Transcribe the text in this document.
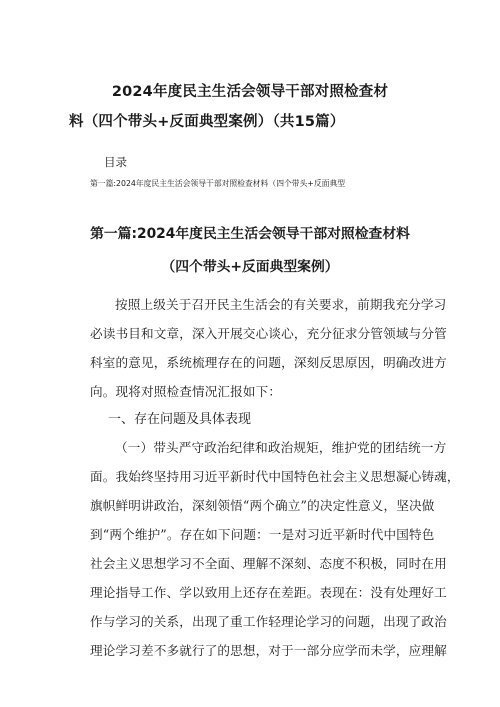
2024年度民主生活会领导干部对照检查材
料（四个带头+反面典型案例）（共15篇）
目录
第一篇:2024年度民主生活会领导干部对照检查材料（四个带头+反面典型
第一篇:2024年度民主生活会领导干部对照检查材料
（四个带头+反面典型案例）
按照上级关于召开民主生活会的有关要求，前期我充分学习
必读书目和文章，深入开展交心谈心，充分征求分管领域与分管
科室的意见，系统梳理存在的问题，深刻反思原因，明确改进方
向。现将对照检查情况汇报如下：
一、存在问题及具体表现
（一）带头严守政治纪律和政治规矩，维护党的团结统一方
面。我始终坚持用习近平新时代中国特色社会主义思想凝心铸魂，
旗帜鲜明讲政治，深刻领悟“两个确立”的决定性意义，坚决做
到“两个维护”。存在如下问题：一是对习近平新时代中国特色
社会主义思想学习不全面、理解不深刻、态度不积极，同时在用
理论指导工作、学以致用上还存在差距。表现在：没有处理好工
作与学习的关系，出现了重工作轻理论学习的问题，出现了政治
理论学习差不多就行了的思想，对于一部分应学而未学，应理解
